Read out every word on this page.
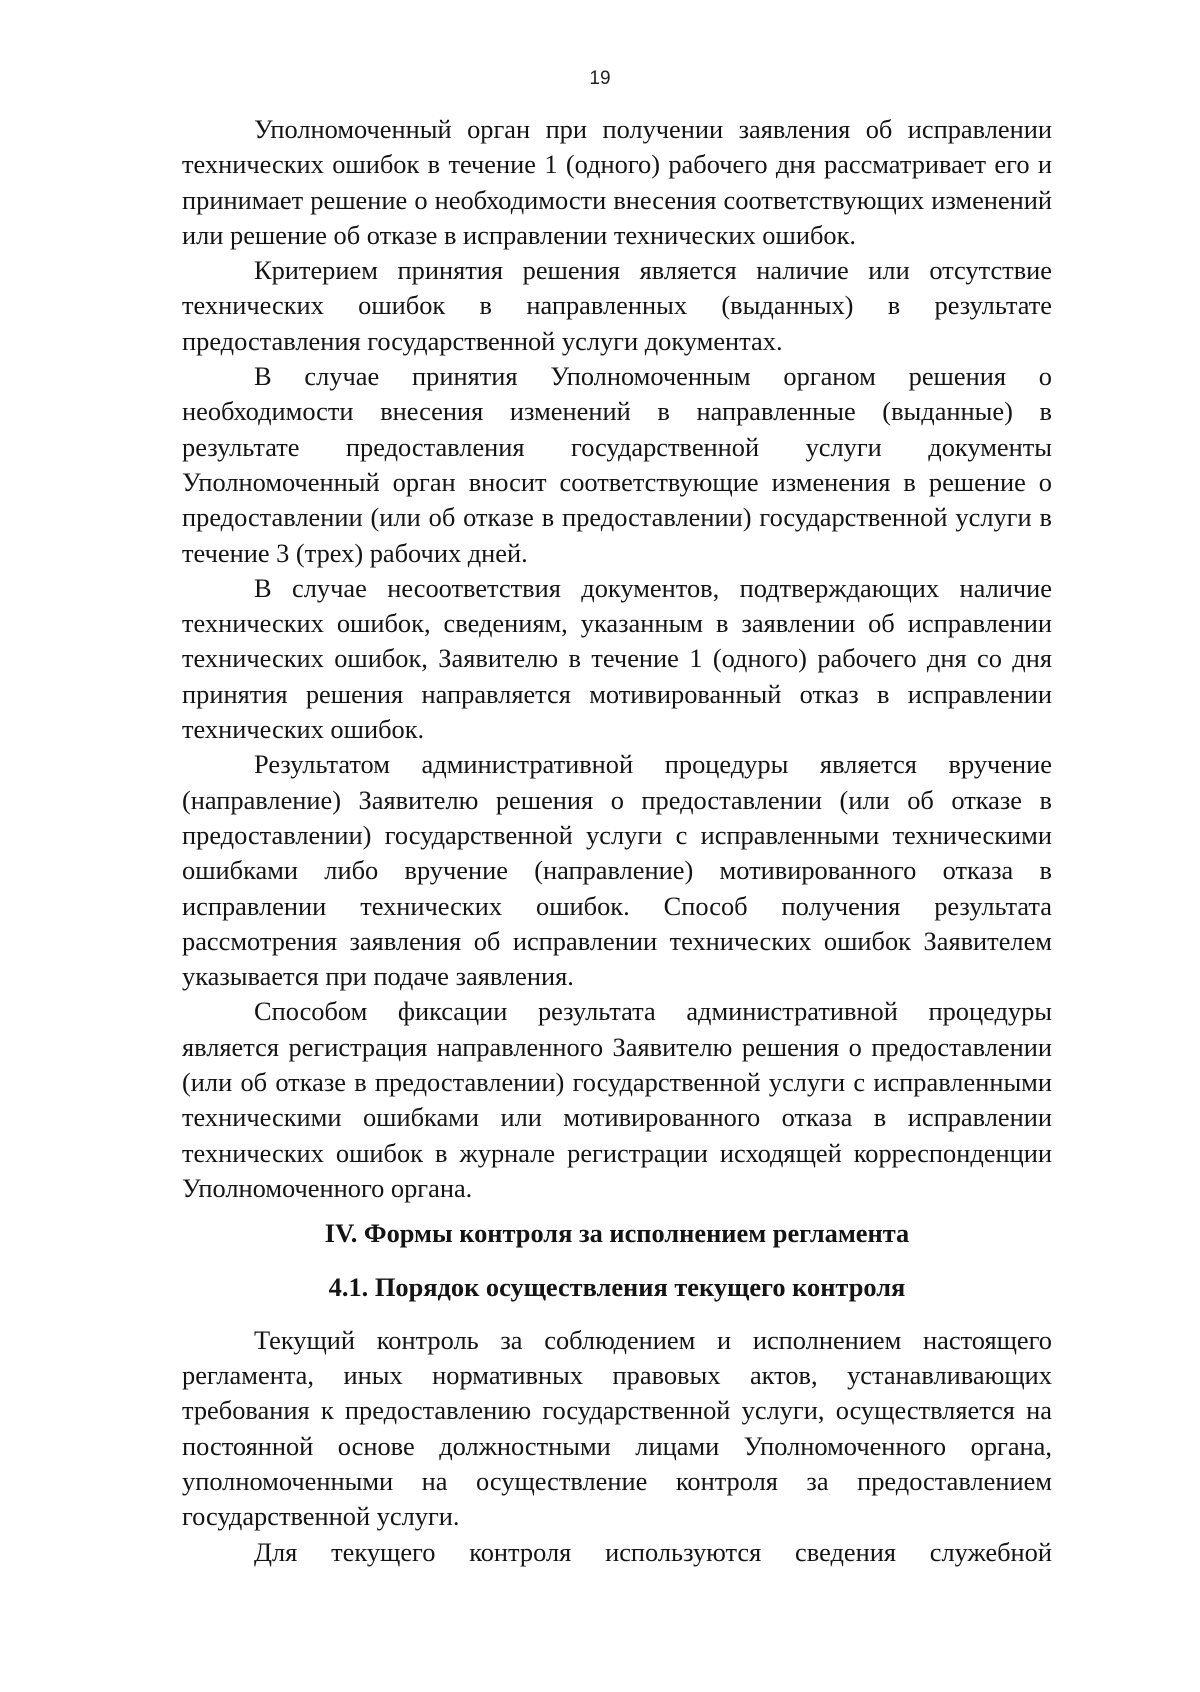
19

Уполномоченный орган при получении заявления об исправлении технических ошибок в течение 1 (одного) рабочего дня рассматривает его и принимает решение о необходимости внесения соответствующих изменений или решение об отказе в исправлении технических ошибок.

Критерием принятия решения является наличие или отсутствие технических ошибок в направленных (выданных) в результате предоставления государственной услуги документах.

В случае принятия Уполномоченным органом решения о необходимости внесения изменений в направленные (выданные) в результате предоставления государственной услуги документы Уполномоченный орган вносит соответствующие изменения в решение о предоставлении (или об отказе в предоставлении) государственной услуги в течение 3 (трех) рабочих дней.

В случае несоответствия документов, подтверждающих наличие технических ошибок, сведениям, указанным в заявлении об исправлении технических ошибок, Заявителю в течение 1 (одного) рабочего дня со дня принятия решения направляется мотивированный отказ в исправлении технических ошибок.

Результатом административной процедуры является вручение (направление) Заявителю решения о предоставлении (или об отказе в предоставлении) государственной услуги с исправленными техническими ошибками либо вручение (направление) мотивированного отказа в исправлении технических ошибок. Способ получения результата рассмотрения заявления об исправлении технических ошибок Заявителем указывается при подаче заявления.

Способом фиксации результата административной процедуры является регистрация направленного Заявителю решения о предоставлении (или об отказе в предоставлении) государственной услуги с исправленными техническими ошибками или мотивированного отказа в исправлении технических ошибок в журнале регистрации исходящей корреспонденции Уполномоченного органа.

IV. Формы контроля за исполнением регламента
4.1. Порядок осуществления текущего контроля

Текущий контроль за соблюдением и исполнением настоящего регламента, иных нормативных правовых актов, устанавливающих требования к предоставлению государственной услуги, осуществляется на постоянной основе должностными лицами Уполномоченного органа, уполномоченными на осуществление контроля за предоставлением государственной услуги.

Для текущего контроля используются сведения служебной
